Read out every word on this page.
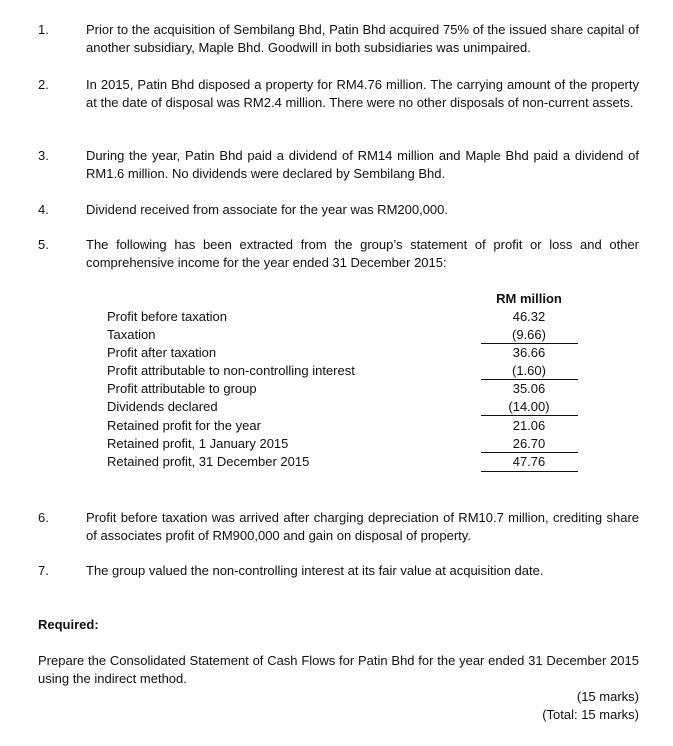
1.	Prior to the acquisition of Sembilang Bhd, Patin Bhd acquired 75% of the issued share capital of another subsidiary, Maple Bhd. Goodwill in both subsidiaries was unimpaired.
2.	In 2015, Patin Bhd disposed a property for RM4.76 million. The carrying amount of the property at the date of disposal was RM2.4 million. There were no other disposals of non-current assets.
3.	During the year, Patin Bhd paid a dividend of RM14 million and Maple Bhd paid a dividend of RM1.6 million. No dividends were declared by Sembilang Bhd.
4.	Dividend received from associate for the year was RM200,000.
5.	The following has been extracted from the group’s statement of profit or loss and other comprehensive income for the year ended 31 December 2015:
RM million
Profit before taxation	46.32
Taxation	(9.66)
Profit after taxation	36.66
Profit attributable to non-controlling interest	(1.60)
Profit attributable to group	35.06
Dividends declared	(14.00)
Retained profit for the year	21.06
Retained profit, 1 January 2015	26.70
Retained profit, 31 December 2015	47.76
6.	Profit before taxation was arrived after charging depreciation of RM10.7 million, crediting share of associates profit of RM900,000 and gain on disposal of property.
7.	The group valued the non-controlling interest at its fair value at acquisition date.
Required:
Prepare the Consolidated Statement of Cash Flows for Patin Bhd for the year ended 31 December 2015 using the indirect method.
(15 marks)
(Total: 15 marks)
